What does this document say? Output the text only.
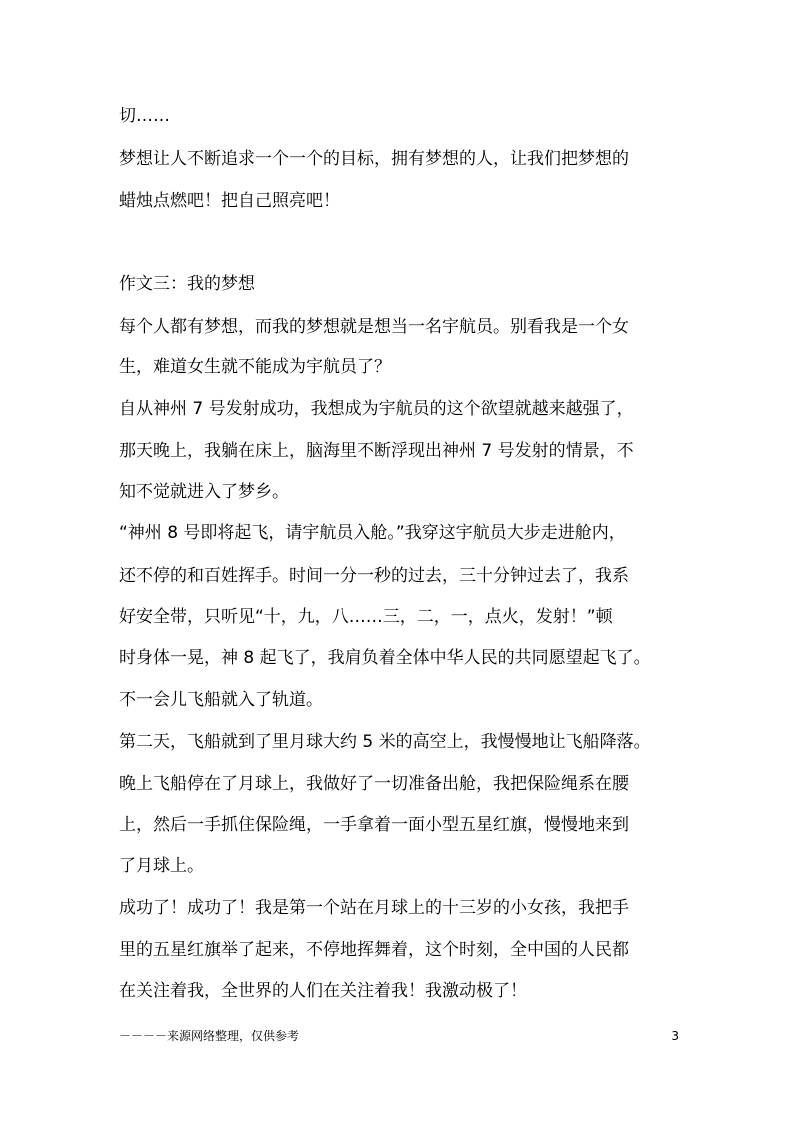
切……
梦想让人不断追求一个一个的目标，拥有梦想的人，让我们把梦想的
蜡烛点燃吧！把自己照亮吧！
作文三：我的梦想
每个人都有梦想，而我的梦想就是想当一名宇航员。别看我是一个女
生，难道女生就不能成为宇航员了？
自从神州 7 号发射成功，我想成为宇航员的这个欲望就越来越强了，
那天晚上，我躺在床上，脑海里不断浮现出神州 7 号发射的情景，不
知不觉就进入了梦乡。
“神州 8 号即将起飞，请宇航员入舱。”我穿这宇航员大步走进舱内，
还不停的和百姓挥手。时间一分一秒的过去，三十分钟过去了，我系
好安全带，只听见“十，九，八……三，二，一，点火，发射！”顿
时身体一晃，神 8 起飞了，我肩负着全体中华人民的共同愿望起飞了。
不一会儿飞船就入了轨道。
第二天，飞船就到了里月球大约 5 米的高空上，我慢慢地让飞船降落。
晚上飞船停在了月球上，我做好了一切准备出舱，我把保险绳系在腰
上，然后一手抓住保险绳，一手拿着一面小型五星红旗，慢慢地来到
了月球上。
成功了！成功了！我是第一个站在月球上的十三岁的小女孩，我把手
里的五星红旗举了起来，不停地挥舞着，这个时刻，全中国的人民都
在关注着我，全世界的人们在关注着我！我激动极了！
－－－－来源网络整理，仅供参考	3
